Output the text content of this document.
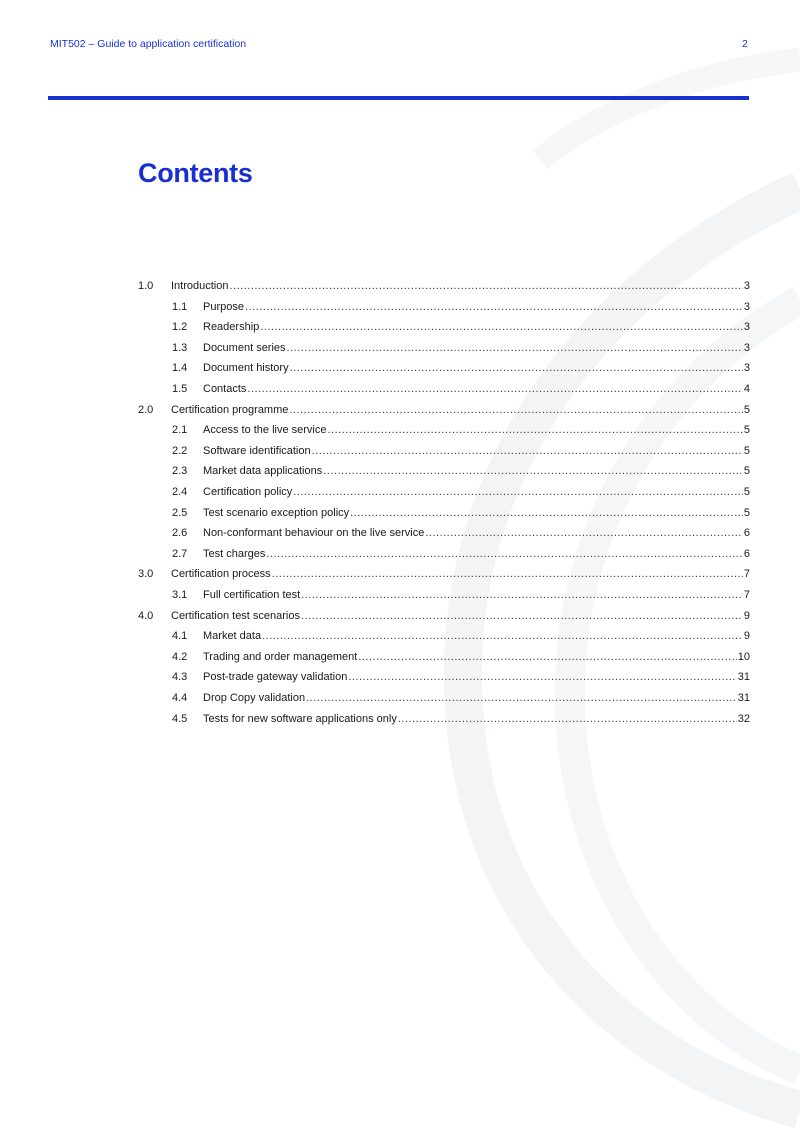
MIT502 – Guide to application certification	2
Contents
1.0 Introduction .....	3
1.1 Purpose .....	3
1.2 Readership .....	3
1.3 Document series .....	3
1.4 Document history .....	3
1.5 Contacts .....	4
2.0 Certification programme .....	5
2.1 Access to the live service .....	5
2.2 Software identification .....	5
2.3 Market data applications .....	5
2.4 Certification policy .....	5
2.5 Test scenario exception policy .....	5
2.6 Non-conformant behaviour on the live service .....	6
2.7 Test charges .....	6
3.0 Certification process .....	7
3.1 Full certification test .....	7
4.0 Certification test scenarios .....	9
4.1 Market data .....	9
4.2 Trading and order management .....	10
4.3 Post-trade gateway validation .....	31
4.4 Drop Copy validation .....	31
4.5 Tests for new software applications only .....	32
